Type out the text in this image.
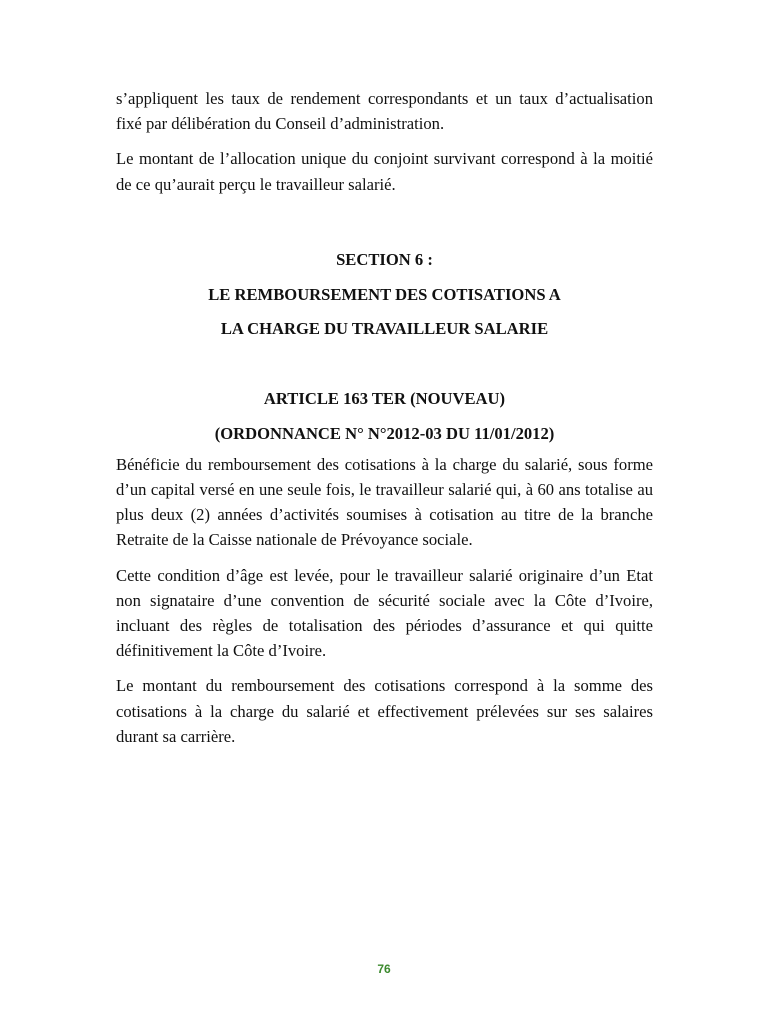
s’appliquent les taux de rendement correspondants et un taux d’actualisation fixé par délibération du Conseil d’administration.

Le montant de l’allocation unique du conjoint survivant correspond à la moitié de ce qu’aurait perçu le travailleur salarié.

SECTION 6 :

LE REMBOURSEMENT DES COTISATIONS A

LA CHARGE DU TRAVAILLEUR SALARIE

ARTICLE 163 TER (NOUVEAU)

(ORDONNANCE N° N°2012-03 DU 11/01/2012)

Bénéficie du remboursement des cotisations à la charge du salarié, sous forme d’un capital versé en une seule fois, le travailleur salarié qui, à 60 ans totalise au plus deux (2) années d’activités soumises à cotisation au titre de la branche Retraite de la Caisse nationale de Prévoyance sociale.

Cette condition d’âge est levée, pour le travailleur salarié originaire d’un Etat non signataire d’une convention de sécurité sociale avec la Côte d’Ivoire, incluant des règles de totalisation des périodes d’assurance et qui quitte définitivement la Côte d’Ivoire.

Le montant du remboursement des cotisations correspond à la somme des cotisations à la charge du salarié et effectivement prélevées sur ses salaires durant sa carrière.

76
